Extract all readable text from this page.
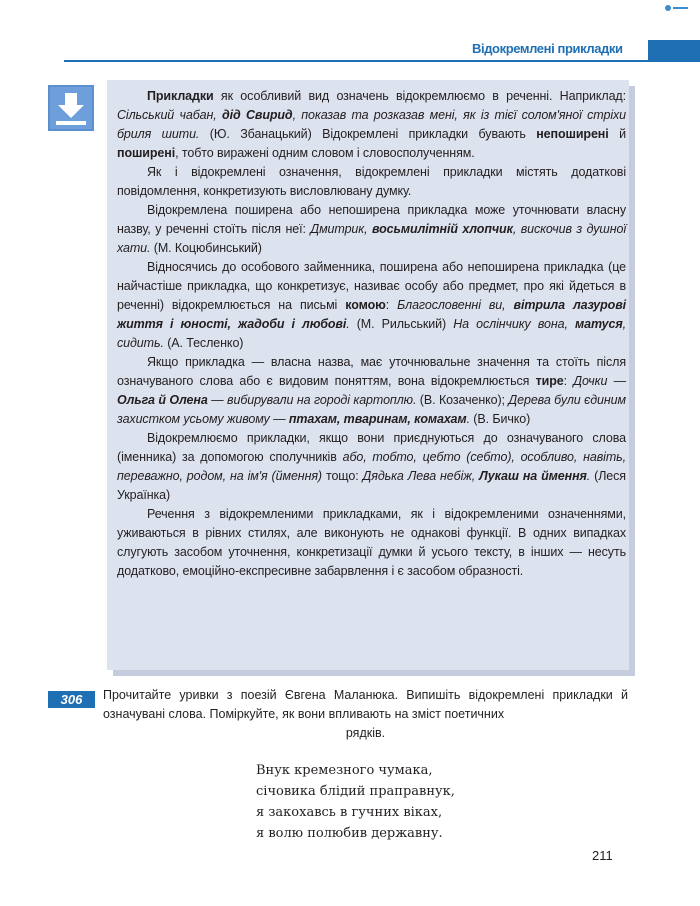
Відокремлені прикладки

Прикладки як особливий вид означень відокремлюємо в реченні. Наприклад: Сільський чабан, дід Свирид, показав та розказав мені, як із тієї солом'яної стріхи бриля шити. (Ю. Збанацький) Відокремлені прикладки бувають непоширені й поширені, тобто виражені одним словом і словосполученням.

Як і відокремлені означення, відокремлені прикладки містять додаткові повідомлення, конкретизують висловлювану думку.

Відокремлена поширена або непоширена прикладка може уточнювати власну назву, у реченні стоїть після неї: Дмитрик, восьмилітній хлопчик, вискочив з душної хати. (М. Коцюбинський)

Відносячись до особового займенника, поширена або непоширена прикладка (це найчастіше прикладка, що конкретизує, називає особу або предмет, про які йдеться в реченні) відокремлюється на письмі комою: Благословенні ви, вітрила лазурові життя і юності, жадоби і любові. (М. Рильський) На ослінчику вона, матуся, сидить. (А. Тесленко)

Якщо прикладка — власна назва, має уточнювальне значення та стоїть після означуваного слова або є видовим поняттям, вона відокремлюється тире: Дочки — Ольга й Олена — вибирували на городі картоплю. (В. Козаченко); Дерева були єдиним захистком усьому живому — птахам, тваринам, комахам. (В. Бичко)

Відокремлюємо прикладки, якщо вони приєднуються до означуваного слова (іменника) за допомогою сполучників або, тобто, цебто (себто), особливо, навіть, переважно, родом, на ім'я (ймення) тощо: Дядька Лева небіж, Лукаш на ймення. (Леся Українка)

Речення з відокремленими прикладками, як і відокремленими означеннями, уживаються в рівних стилях, але виконують не однакові функції. В одних випадках слугують засобом уточнення, конкретизації думки й усього тексту, в інших — несуть додатково, емоційно-експресивне забарвлення і є засобом образності.

306	Прочитайте уривки з поезій Євгена Маланюка. Випишіть відокремлені прикладки й означувані слова. Поміркуйте, як вони впливають на зміст поетичних
рядків.
Внук кремезного чумака,
січовика блідий праправнук,
я закохавсь в гучних віках,
я волю полюбив державну.
211
